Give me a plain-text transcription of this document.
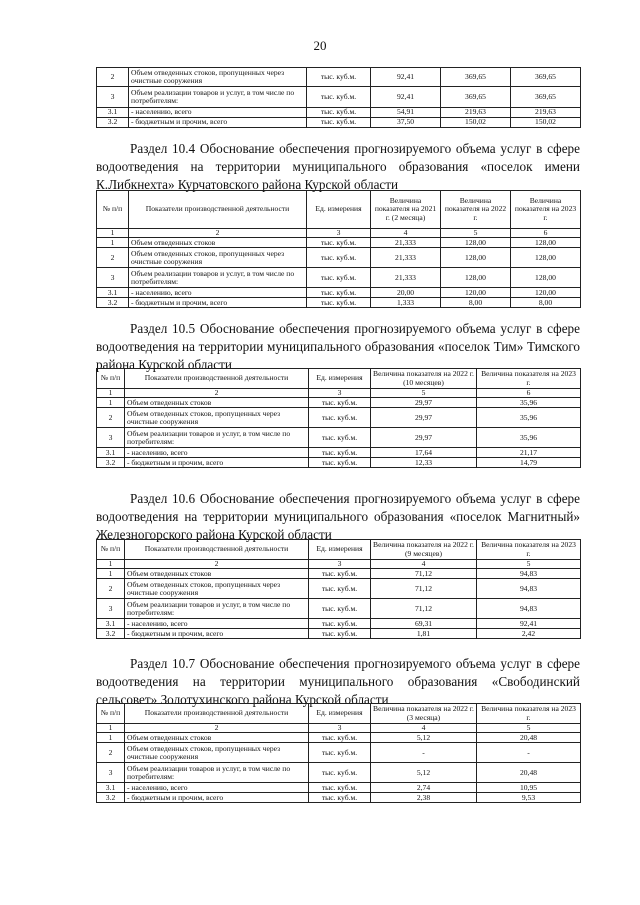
20
2	Объем отведенных стоков, пропущенных через очистные сооружения	тыс. куб.м.	92,41	369,65	369,65
3	Объем реализации товаров и услуг, в том числе по потребителям:	тыс. куб.м.	92,41	369,65	369,65
3.1	- населению, всего	тыс. куб.м.	54,91	219,63	219,63
3.2	- бюджетным и прочим, всего	тыс. куб.м.	37,50	150,02	150,02
Раздел 10.4 Обоснование обеспечения прогнозируемого объема услуг в сфере водоотведения на территории муниципального образования «поселок имени К.Либкнехта» Курчатовского района Курской области
№ п/п	Показатели производственной деятельности	Ед. измерения	Величина показателя на 2021 г. (2 месяца)	Величина показателя на 2022 г.	Величина показателя на 2023 г.
1	2	3	4	5	6
1	Объем отведенных стоков	тыс. куб.м.	21,333	128,00	128,00
2	Объем отведенных стоков, пропущенных через очистные сооружения	тыс. куб.м.	21,333	128,00	128,00
3	Объем реализации товаров и услуг, в том числе по потребителям:	тыс. куб.м.	21,333	128,00	128,00
3.1	- населению, всего	тыс. куб.м.	20,00	120,00	120,00
3.2	- бюджетным и прочим, всего	тыс. куб.м.	1,333	8,00	8,00
Раздел 10.5 Обоснование обеспечения прогнозируемого объема услуг в сфере водоотведения на территории муниципального образования «поселок Тим» Тимского района Курской области
№ п/п	Показатели производственной деятельности	Ед. измерения	Величина показателя на 2022 г. (10 месяцев)	Величина показателя на 2023 г.
1	2	3	5	6
1	Объем отведенных стоков	тыс. куб.м.	29,97	35,96
2	Объем отведенных стоков, пропущенных через очистные сооружения	тыс. куб.м.	29,97	35,96
3	Объем реализации товаров и услуг, в том числе по потребителям:	тыс. куб.м.	29,97	35,96
3.1	- населению, всего	тыс. куб.м.	17,64	21,17
3.2	- бюджетным и прочим, всего	тыс. куб.м.	12,33	14,79
Раздел 10.6 Обоснование обеспечения прогнозируемого объема услуг в сфере водоотведения на территории муниципального образования «поселок Магнитный» Железногорского района Курской области
№ п/п	Показатели производственной деятельности	Ед. измерения	Величина показателя на 2022 г. (9 месяцев)	Величина показателя на 2023 г.
1	2	3	4	5
1	Объем отведенных стоков	тыс. куб.м.	71,12	94,83
2	Объем отведенных стоков, пропущенных через очистные сооружения	тыс. куб.м.	71,12	94,83
3	Объем реализации товаров и услуг, в том числе по потребителям:	тыс. куб.м.	71,12	94,83
3.1	- населению, всего	тыс. куб.м.	69,31	92,41
3.2	- бюджетным и прочим, всего	тыс. куб.м.	1,81	2,42
Раздел 10.7 Обоснование обеспечения прогнозируемого объема услуг в сфере водоотведения на территории муниципального образования «Свободинский сельсовет» Золотухинского района Курской области
№ п/п	Показатели производственной деятельности	Ед. измерения	Величина показателя на 2022 г. (3 месяца)	Величина показателя на 2023 г.
1	2	3	4	5
1	Объем отведенных стоков	тыс. куб.м.	5,12	20,48
2	Объем отведенных стоков, пропущенных через очистные сооружения	тыс. куб.м.	-	-
3	Объем реализации товаров и услуг, в том числе по потребителям:	тыс. куб.м.	5,12	20,48
3.1	- населению, всего	тыс. куб.м.	2,74	10,95
3.2	- бюджетным и прочим, всего	тыс. куб.м.	2,38	9,53
